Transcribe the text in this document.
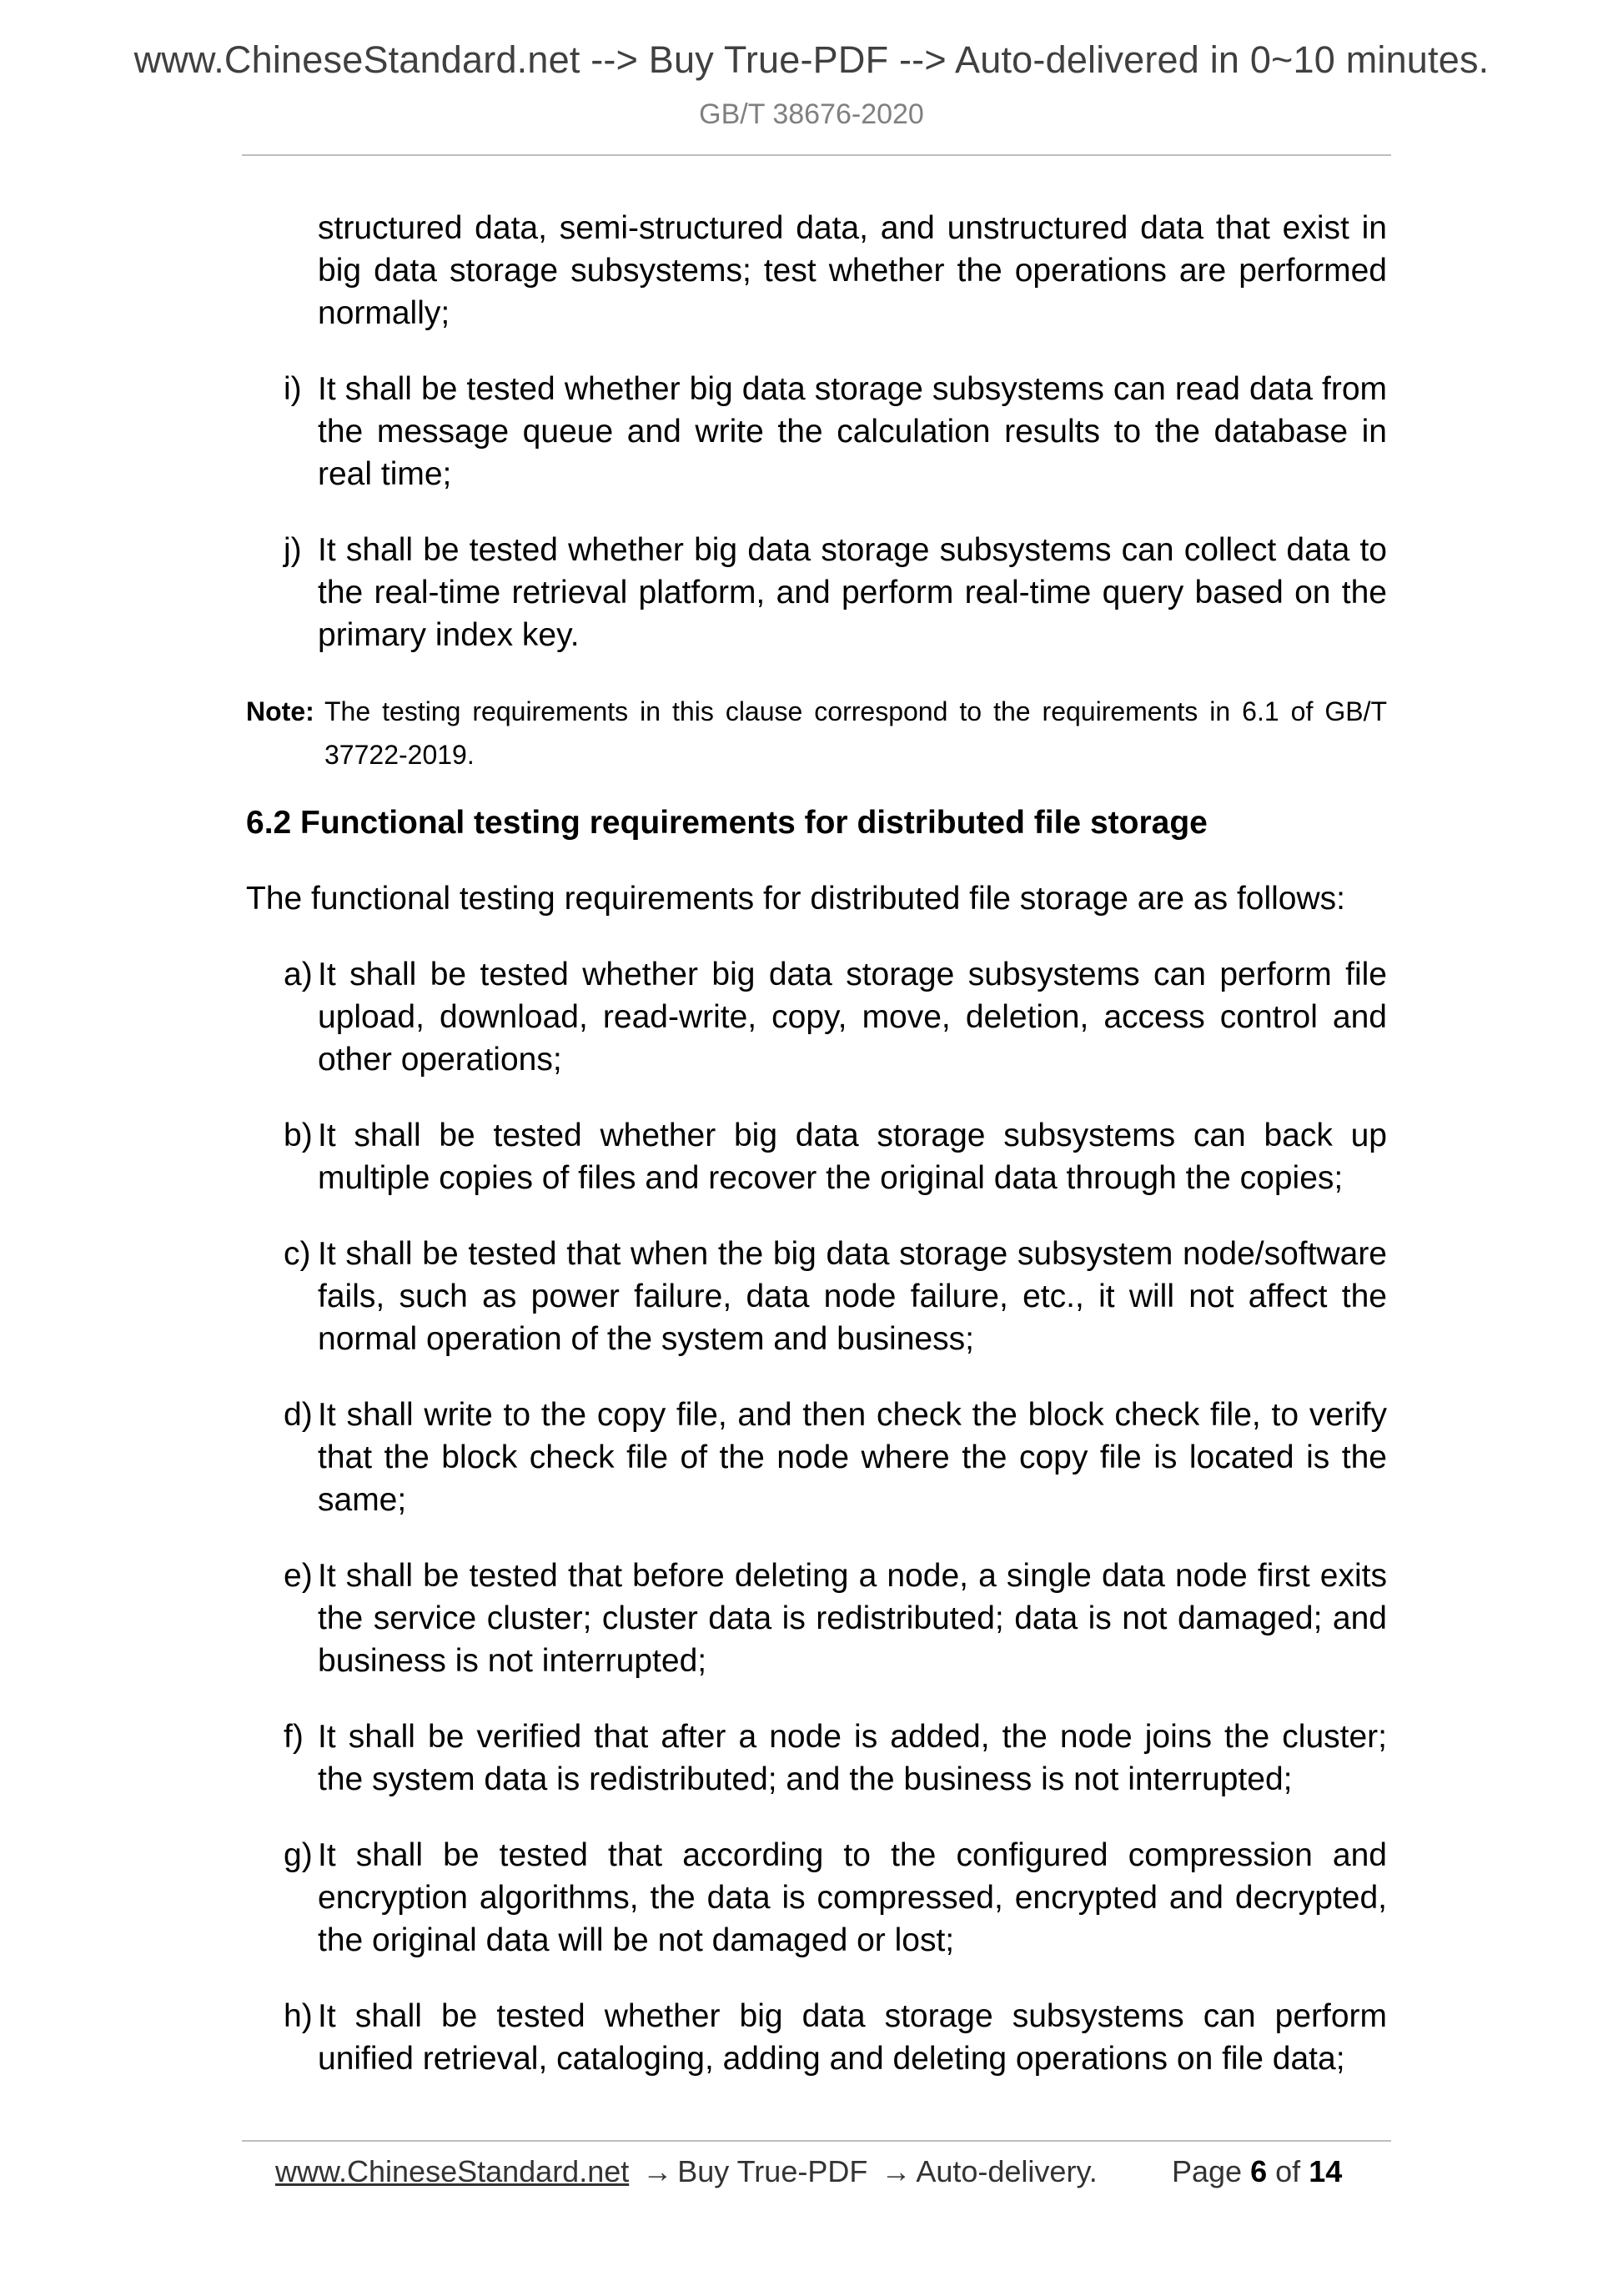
www.ChineseStandard.net --> Buy True-PDF --> Auto-delivered in 0~10 minutes.
GB/T 38676-2020
structured data, semi-structured data, and unstructured data that exist in big data storage subsystems; test whether the operations are performed normally;
i) It shall be tested whether big data storage subsystems can read data from the message queue and write the calculation results to the database in real time;
j) It shall be tested whether big data storage subsystems can collect data to the real-time retrieval platform, and perform real-time query based on the primary index key.
Note: The testing requirements in this clause correspond to the requirements in 6.1 of GB/T 37722-2019.
6.2 Functional testing requirements for distributed file storage
The functional testing requirements for distributed file storage are as follows:
a) It shall be tested whether big data storage subsystems can perform file upload, download, read-write, copy, move, deletion, access control and other operations;
b) It shall be tested whether big data storage subsystems can back up multiple copies of files and recover the original data through the copies;
c) It shall be tested that when the big data storage subsystem node/software fails, such as power failure, data node failure, etc., it will not affect the normal operation of the system and business;
d) It shall write to the copy file, and then check the block check file, to verify that the block check file of the node where the copy file is located is the same;
e) It shall be tested that before deleting a node, a single data node first exits the service cluster; cluster data is redistributed; data is not damaged; and business is not interrupted;
f) It shall be verified that after a node is added, the node joins the cluster; the system data is redistributed; and the business is not interrupted;
g) It shall be tested that according to the configured compression and encryption algorithms, the data is compressed, encrypted and decrypted, the original data will be not damaged or lost;
h) It shall be tested whether big data storage subsystems can perform unified retrieval, cataloging, adding and deleting operations on file data;
www.ChineseStandard.net → Buy True-PDF → Auto-delivery. Page 6 of 14
